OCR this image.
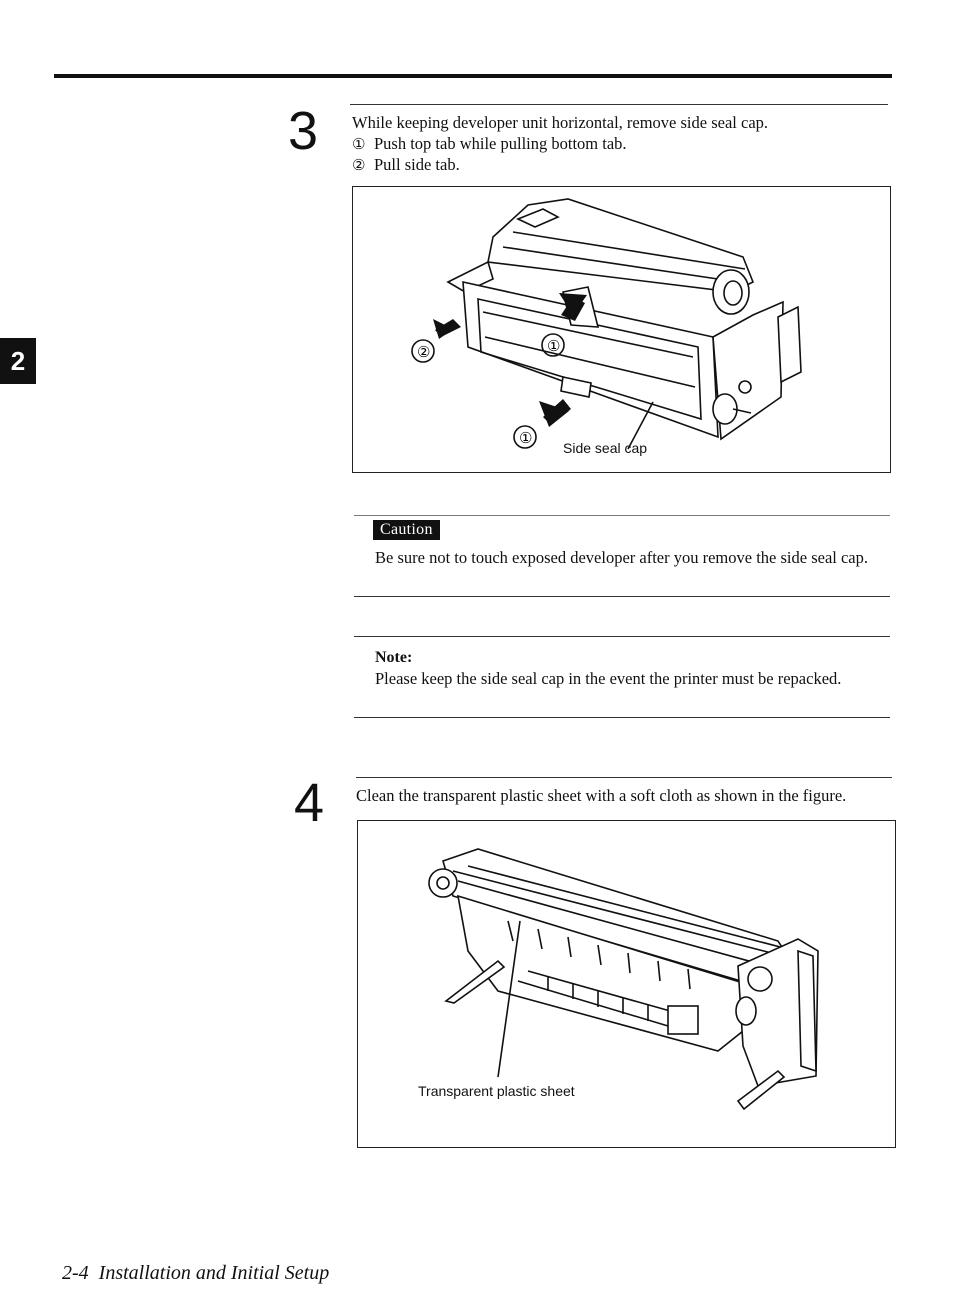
2
3 While keeping developer unit horizontal, remove side seal cap.
① Push top tab while pulling bottom tab.
② Pull side tab.
②	①
①
Side seal cap
Caution
Be sure not to touch exposed developer after you remove the side seal cap.
Note:
Please keep the side seal cap in the event the printer must be repacked.
4 Clean the transparent plastic sheet with a soft cloth as shown in the figure.
Transparent plastic sheet
2-4 Installation and Initial Setup
